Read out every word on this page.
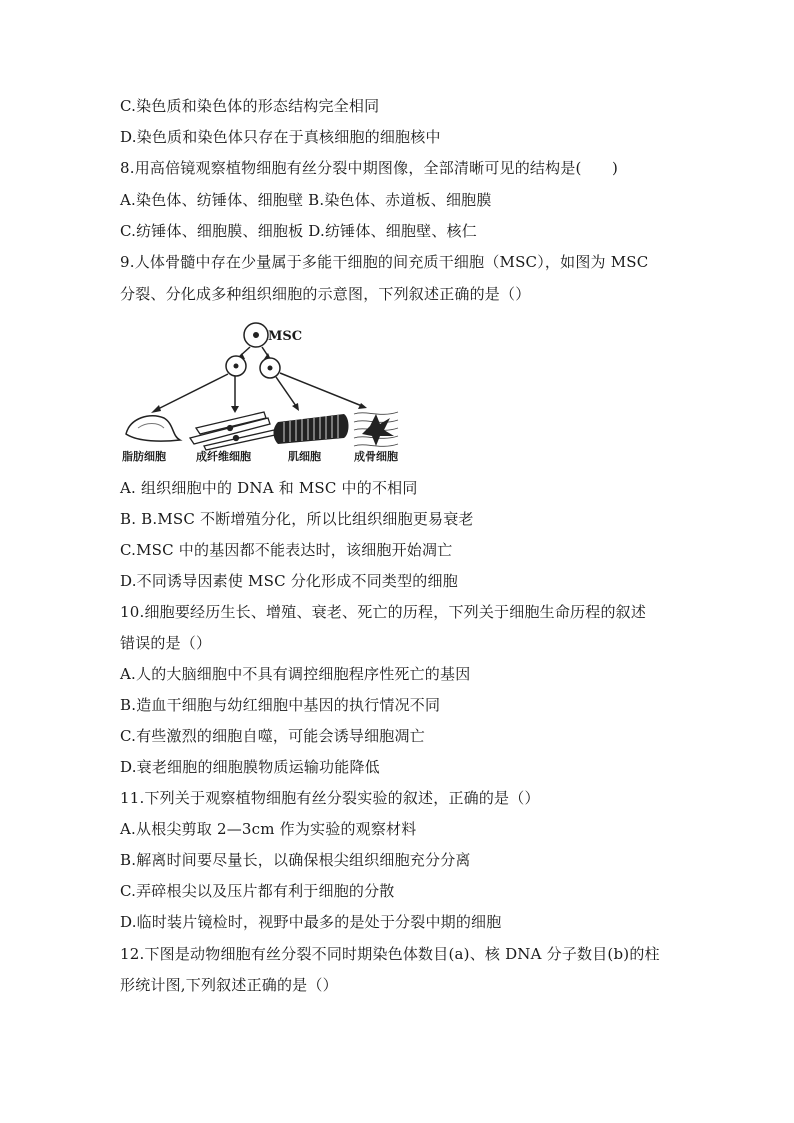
C.染色质和染色体的形态结构完全相同
D.染色质和染色体只存在于真核细胞的细胞核中
8.用高倍镜观察植物细胞有丝分裂中期图像，全部清晰可见的结构是(　　)
A.染色体、纺锤体、细胞壁 B.染色体、赤道板、细胞膜
C.纺锤体、细胞膜、细胞板 D.纺锤体、细胞壁、核仁
9.人体骨髓中存在少量属于多能干细胞的间充质干细胞（MSC），如图为 MSC
分裂、分化成多种组织细胞的示意图，下列叙述正确的是（）
MSC
脂肪细胞	成纤维细胞	肌细胞	成骨细胞
A. 组织细胞中的 DNA 和 MSC 中的不相同
B. B.MSC 不断增殖分化，所以比组织细胞更易衰老
C.MSC 中的基因都不能表达时，该细胞开始凋亡
D.不同诱导因素使 MSC 分化形成不同类型的细胞
10.细胞要经历生长、增殖、衰老、死亡的历程，下列关于细胞生命历程的叙述
错误的是（）
A.人的大脑细胞中不具有调控细胞程序性死亡的基因
B.造血干细胞与幼红细胞中基因的执行情况不同
C.有些激烈的细胞自噬，可能会诱导细胞凋亡
D.衰老细胞的细胞膜物质运输功能降低
11.下列关于观察植物细胞有丝分裂实验的叙述，正确的是（）
A.从根尖剪取 2—3cm 作为实验的观察材料
B.解离时间要尽量长，以确保根尖组织细胞充分分离
C.弄碎根尖以及压片都有利于细胞的分散
D.临时装片镜检时，视野中最多的是处于分裂中期的细胞
12.下图是动物细胞有丝分裂不同时期染色体数目(a)、核 DNA 分子数目(b)的柱
形统计图,下列叙述正确的是（）
